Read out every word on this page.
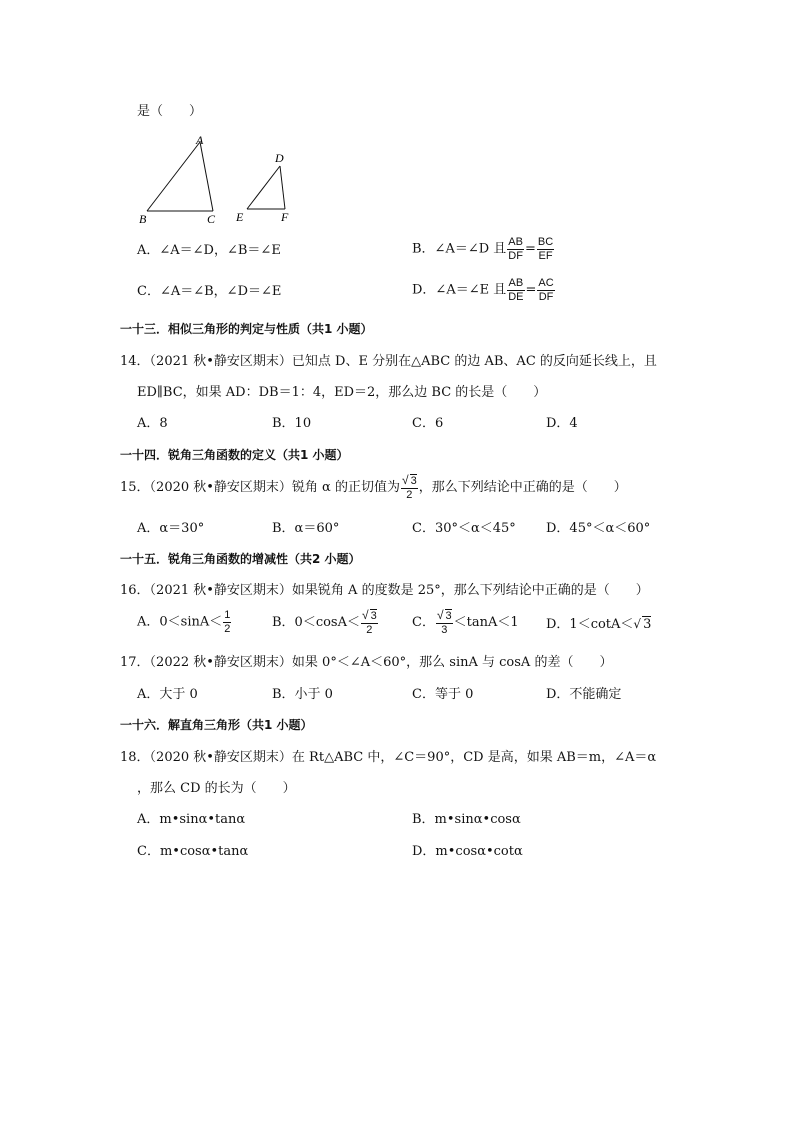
是（　　）
A
B	C
D
E	F
A．∠A＝∠D，∠B＝∠E	B．∠A＝∠D 且 $\frac{AB}{DF} = \frac{BC}{EF}$
C．∠A＝∠B，∠D＝∠E	D．∠A＝∠E 且 $\frac{AB}{DE} = \frac{AC}{DF}$
一十三．相似三角形的判定与性质（共1 小题）
14．（2021 秋•静安区期末）已知点 D、E 分别在△ABC 的边 AB、AC 的反向延长线上，且
ED∥BC，如果 AD：DB＝1：4，ED＝2，那么边 BC 的长是（　　）
A．8	B．10	C．6	D．4
一十四．锐角三角函数的定义（共1 小题）
15．（2020 秋•静安区期末）锐角 α 的正切值为 $\frac{√ 3}{2}$ ，那么下列结论中正确的是（　　）
A．α＝30°	B．α＝60°	C．30°＜α＜45° D．45°＜α＜60°
一十五．锐角三角函数的增减性（共2 小题）
16．（2021 秋•静安区期末）如果锐角 A 的度数是 25°，那么下列结论中正确的是（　　）
A．$0<\sin A< \frac{1}{2}$	B．$0<\cos A< \frac{√ 3}{2}$	C． $\frac{√ 3}{3} <\tan A<1$ D．1＜cotA＜√ 3
17．（2022 秋•静安区期末）如果 0°＜∠A＜60°，那么 sinA 与 cosA 的差（　　）
A．大于 0	B．小于 0	C．等于 0	D．不能确定
一十六．解直角三角形（共1 小题）
18．（2020 秋•静安区期末）在 Rt△ABC 中，∠C＝90°，CD 是高，如果 AB＝m，∠A＝α
，那么 CD 的长为（　　）
A．m•sinα•tanα	B．m•sinα•cosα
C．m•cosα•tanα	D．m•cosα•cotα
